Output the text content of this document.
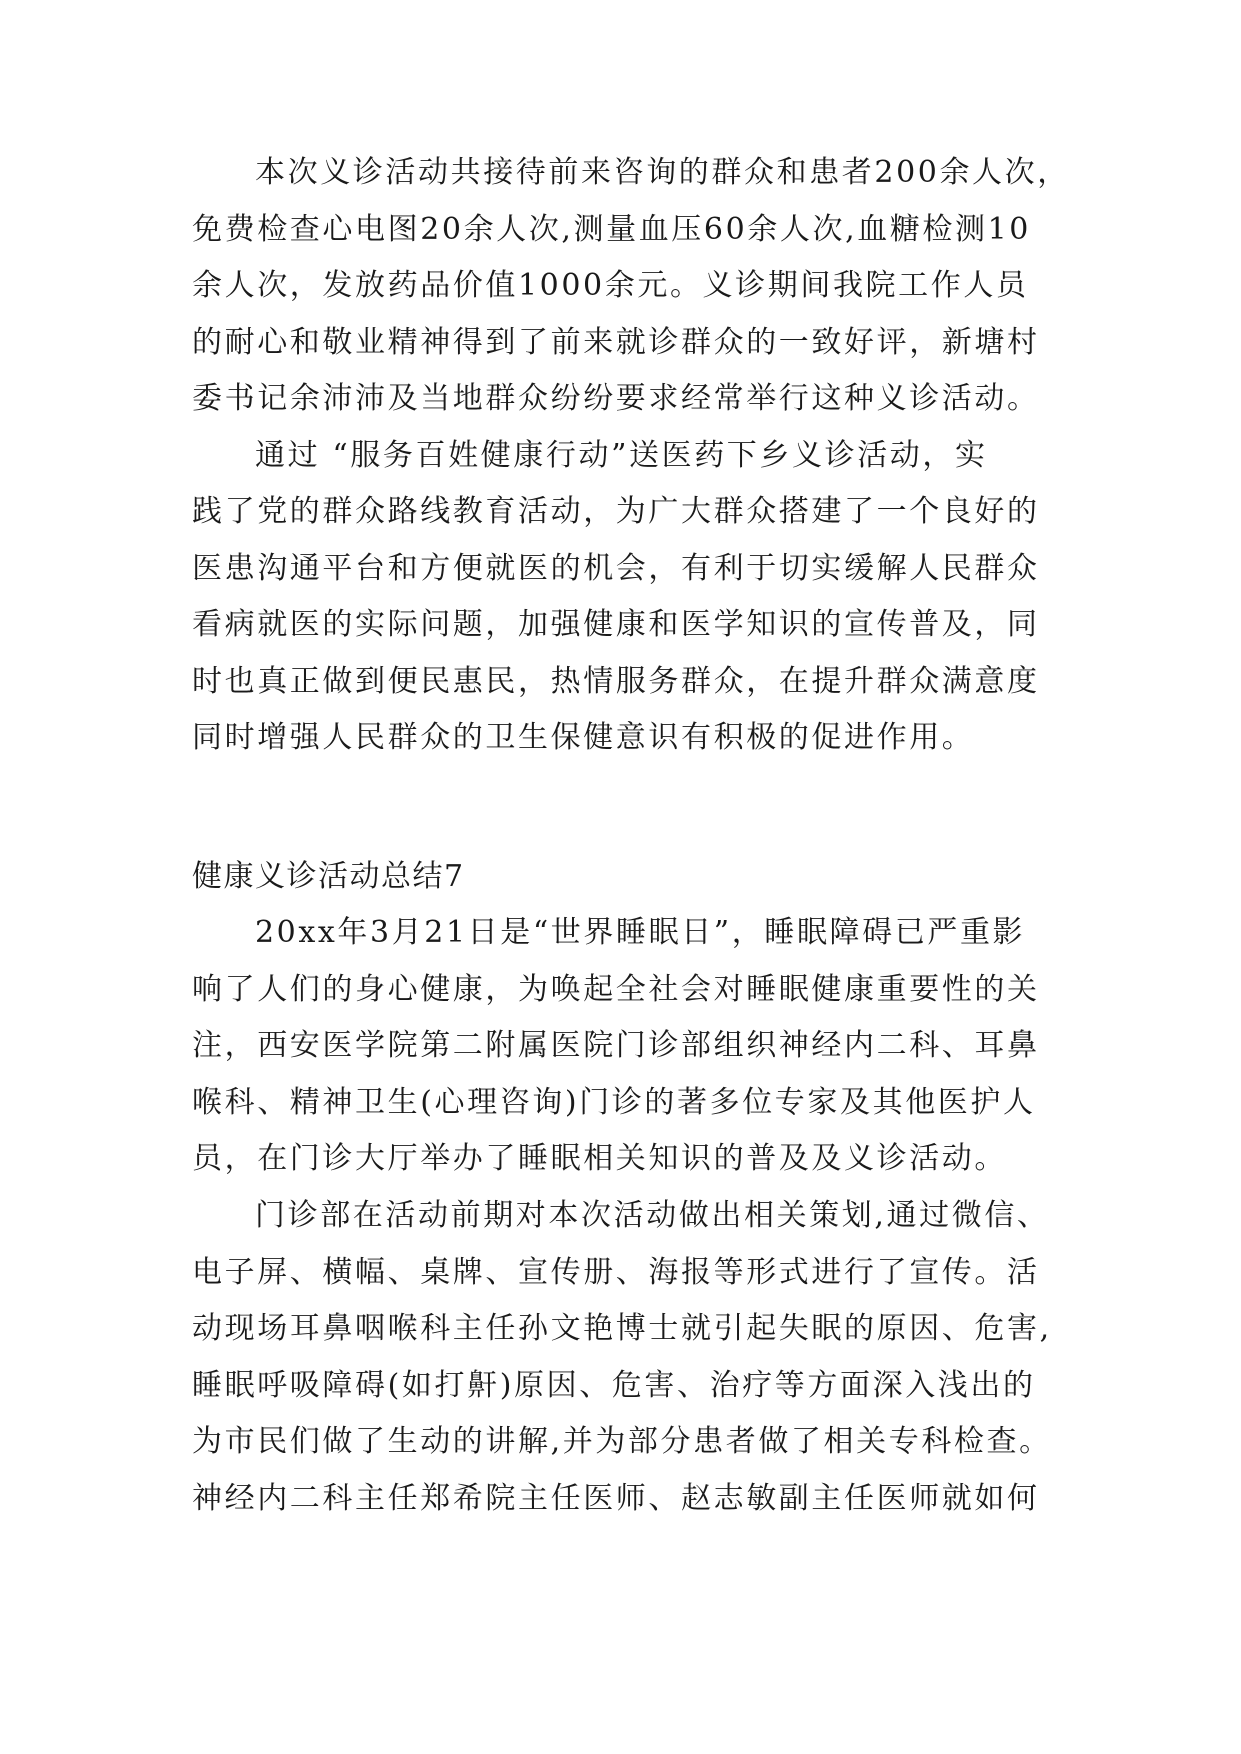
本次义诊活动共接待前来咨询的群众和患者200余人次，

免费检查心电图20余人次,测量血压60余人次,血糖检测10

余人次，发放药品价值1000余元。义诊期间我院工作人员

的耐心和敬业精神得到了前来就诊群众的一致好评，新塘村

委书记余沛沛及当地群众纷纷要求经常举行这种义诊活动。

通过 “服务百姓健康行动”送医药下乡义诊活动，实

践了党的群众路线教育活动，为广大群众搭建了一个良好的

医患沟通平台和方便就医的机会，有利于切实缓解人民群众

看病就医的实际问题，加强健康和医学知识的宣传普及，同

时也真正做到便民惠民，热情服务群众，在提升群众满意度

同时增强人民群众的卫生保健意识有积极的促进作用。

健康义诊活动总结7

20xx年3月21日是“世界睡眠日”，睡眠障碍已严重影

响了人们的身心健康，为唤起全社会对睡眠健康重要性的关

注，西安医学院第二附属医院门诊部组织神经内二科、耳鼻

喉科、精神卫生(心理咨询)门诊的著多位专家及其他医护人

员，在门诊大厅举办了睡眠相关知识的普及及义诊活动。

门诊部在活动前期对本次活动做出相关策划,通过微信、

电子屏、横幅、桌牌、宣传册、海报等形式进行了宣传。活

动现场耳鼻咽喉科主任孙文艳博士就引起失眠的原因、危害,

睡眠呼吸障碍(如打鼾)原因、危害、治疗等方面深入浅出的

为市民们做了生动的讲解,并为部分患者做了相关专科检查。

神经内二科主任郑希院主任医师、赵志敏副主任医师就如何
